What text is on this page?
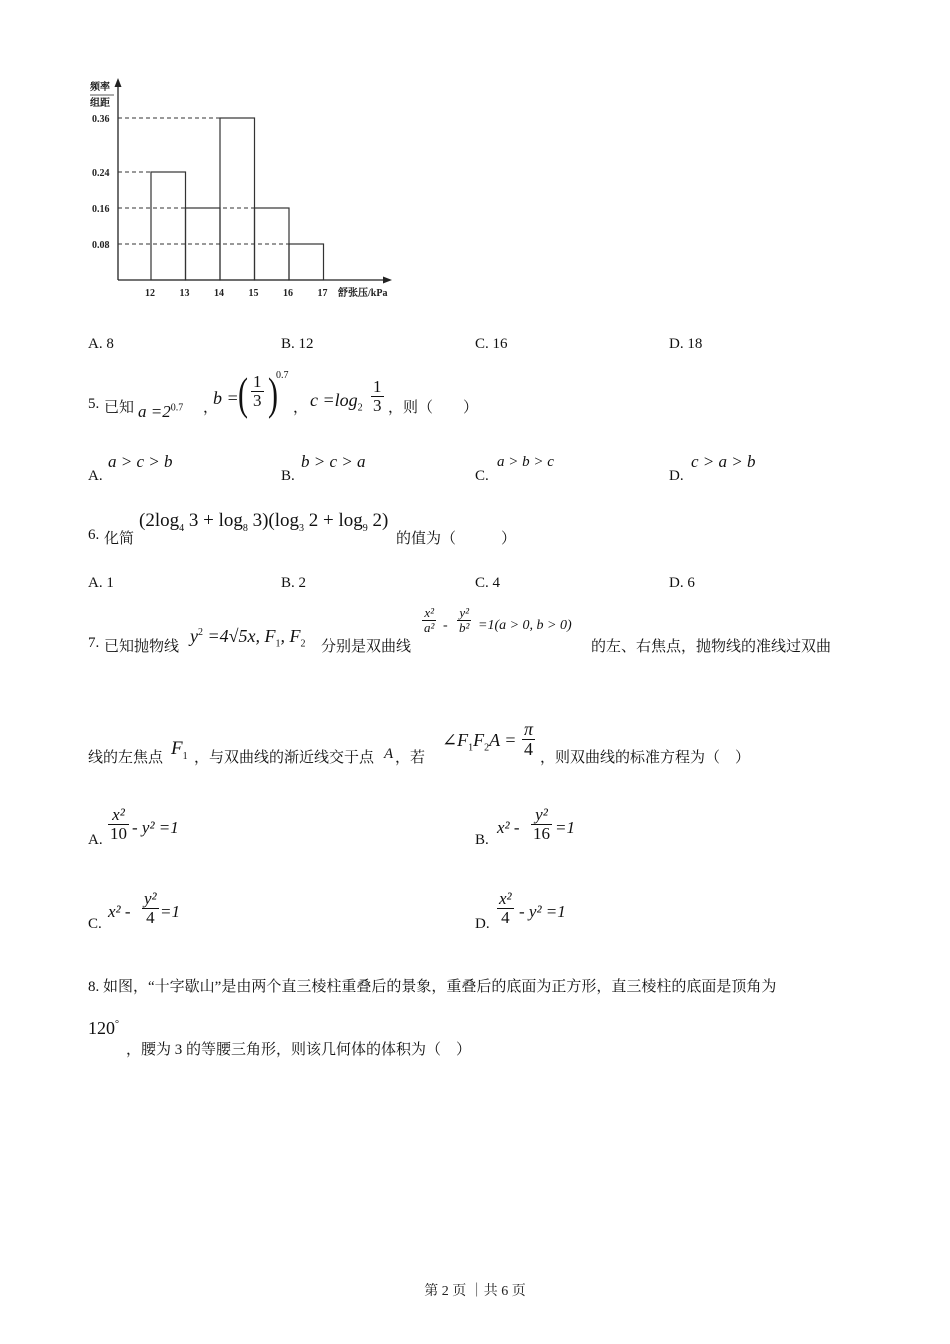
频率
组距
0.08
0.16
0.24
0.36
12 13 14 15 16 17 舒张压/kPa
A. 8	B. 12	C. 16	D. 18
5. 已知 $a =2^{0.7}$ ，
b = ( $\frac{1}{3}$ )
0.7
， $c =\log_2 \frac{1}{3}$ ，则（　　）
A.
a > c > b
B.
b > c > a
C.
a > b > c
D.
c > a > b
6. 化简
($2\log_4$ $3 + \log_8 3)(\log_3$ $2 + \log_9 2$)
的值为（　　　）
A. 1	B. 2	C. 4	D. 6
7. 已知抛物线
$y^2 =4√5x$, $F_1$, $F_2$ 分别是双曲线
$\frac{\text{x²}}{\text{a²}} - \frac{\text{y²}}{\text{b²}} =1(a > 0$, b > 0)
的左、右焦点，抛物线的准线过双曲
线的左焦点 $F_1$ ，与双曲线的渐近线交于点 A ，若
$\angle F_1F_2A = \frac{\pi}{4}$ ，则双曲线的标准方程为（　）
A. $\frac{\text{x²}}{10} - y^2 =1$
B.
$x^2 - \frac{\text{y²}}{16} =1$
C.
$x^2 - \frac{\text{y²}}{4} =1$
D. $\frac{\text{x²}}{4} - y^2 =1$
8. 如图，“十字歇山”是由两个直三棱柱重叠后的景象，重叠后的底面为正方形，直三棱柱的底面是顶角为
120°
，腰为 3 的等腰三角形，则该几何体的体积为（　）
第 2 页 ｜共 6 页
